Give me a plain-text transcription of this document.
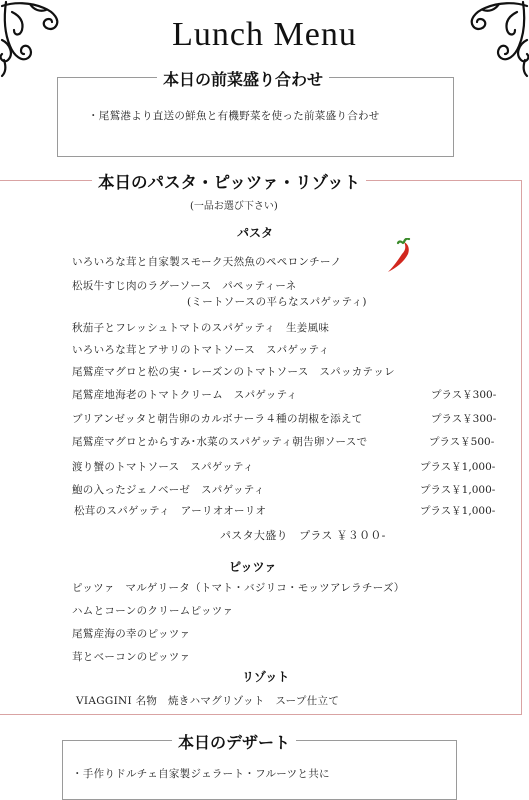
Lunch Menu
本日の前菜盛り合わせ
・尾鷲港より直送の鮮魚と有機野菜を使った前菜盛り合わせ
本日のパスタ・ピッツァ・リゾット
(一品お選び下さい)
パスタ
いろいろな茸と自家製スモーク天然魚のペペロンチーノ
松坂牛すじ肉のラグーソース　パペッティーネ
(ミートソースの平らなスパゲッティ)
秋茄子とフレッシュトマトのスパゲッティ　生姜風味
いろいろな茸とアサリのトマトソース　スパゲッティ
尾鷲産マグロと松の実・レーズンのトマトソース　スパッカテッレ
尾鷲産地海老のトマトクリーム　スパゲッティ	プラス￥300-
ブリアンゼッタと朝告卵のカルボナーラ４種の胡椒を添えて	プラス￥300-
尾鷲産マグロとからすみ･水菜のスパゲッティ朝告卵ソースで	プラス￥500-
渡り蟹のトマトソース　スパゲッティ	プラス￥1,000-
鮑の入ったジェノベーゼ　スパゲッティ	プラス￥1,000-
松茸のスパゲッティ　アーリオオーリオ	プラス￥1,000-
パスタ大盛り　プラス ￥３００-
ピッツァ
ピッツァ　マルゲリータ（トマト・バジリコ・モッツアレラチーズ）
ハムとコーンのクリームピッツァ
尾鷲産海の幸のピッツァ
茸とベーコンのピッツァ
リゾット
VIAGGINI 名物　焼きハマグリゾット　スープ仕立て
本日のデザート
・手作りドルチェ自家製ジェラート・フルーツと共に
